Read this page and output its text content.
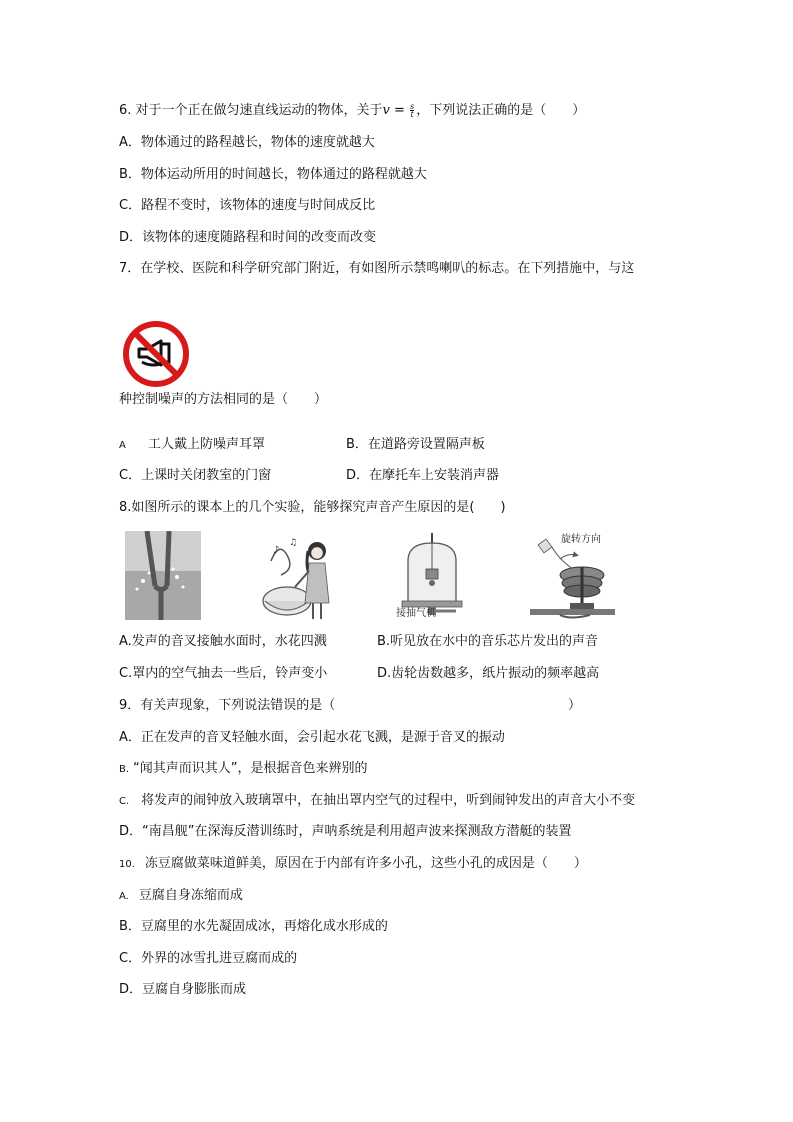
6. 对于一个正在做匀速直线运动的物体，关于$v = \frac{s}{t}$ ，下列说法正确的是（　　）
A．物体通过的路程越长，物体的速度就越大
B．物体运动所用的时间越长，物体通过的路程就越大
C．路程不变时，该物体的速度与时间成反比
D．该物体的速度随路程和时间的改变而改变
7．在学校、医院和科学研究部门附近，有如图所示禁鸣喇叭的标志。在下列措施中，与这
种控制噪声的方法相同的是（　　）
A 工人戴上防噪声耳罩	B．在道路旁设置隔声板
C．上课时关闭教室的门窗	D．在摩托车上安装消声器
8.如图所示的课本上的几个实验，能够探究声音产生原因的是(　　)
♪
♫
接抽气机
旋转方向
A.发声的音叉接触水面时，水花四溅	B.听见放在水中的音乐芯片发出的声音
C.罩内的空气抽去一些后，铃声变小	D.齿轮齿数越多，纸片振动的频率越高
9．有关声现象，下列说法错误的是（	）
A．正在发声的音叉轻触水面，会引起水花飞溅，是源于音叉的振动
B. “闻其声而识其人”，是根据音色来辨别的
C. 将发声的闹钟放入玻璃罩中，在抽出罩内空气的过程中，听到闹钟发出的声音大小不变
D．“南昌舰”在深海反潜训练时，声呐系统是利用超声波来探测敌方潜艇的装置
10. 冻豆腐做菜味道鲜美，原因在于内部有许多小孔，这些小孔的成因是（　　）
A. 豆腐自身冻缩而成
B．豆腐里的水先凝固成冰，再熔化成水形成的
C．外界的冰雪扎进豆腐而成的
D．豆腐自身膨胀而成
